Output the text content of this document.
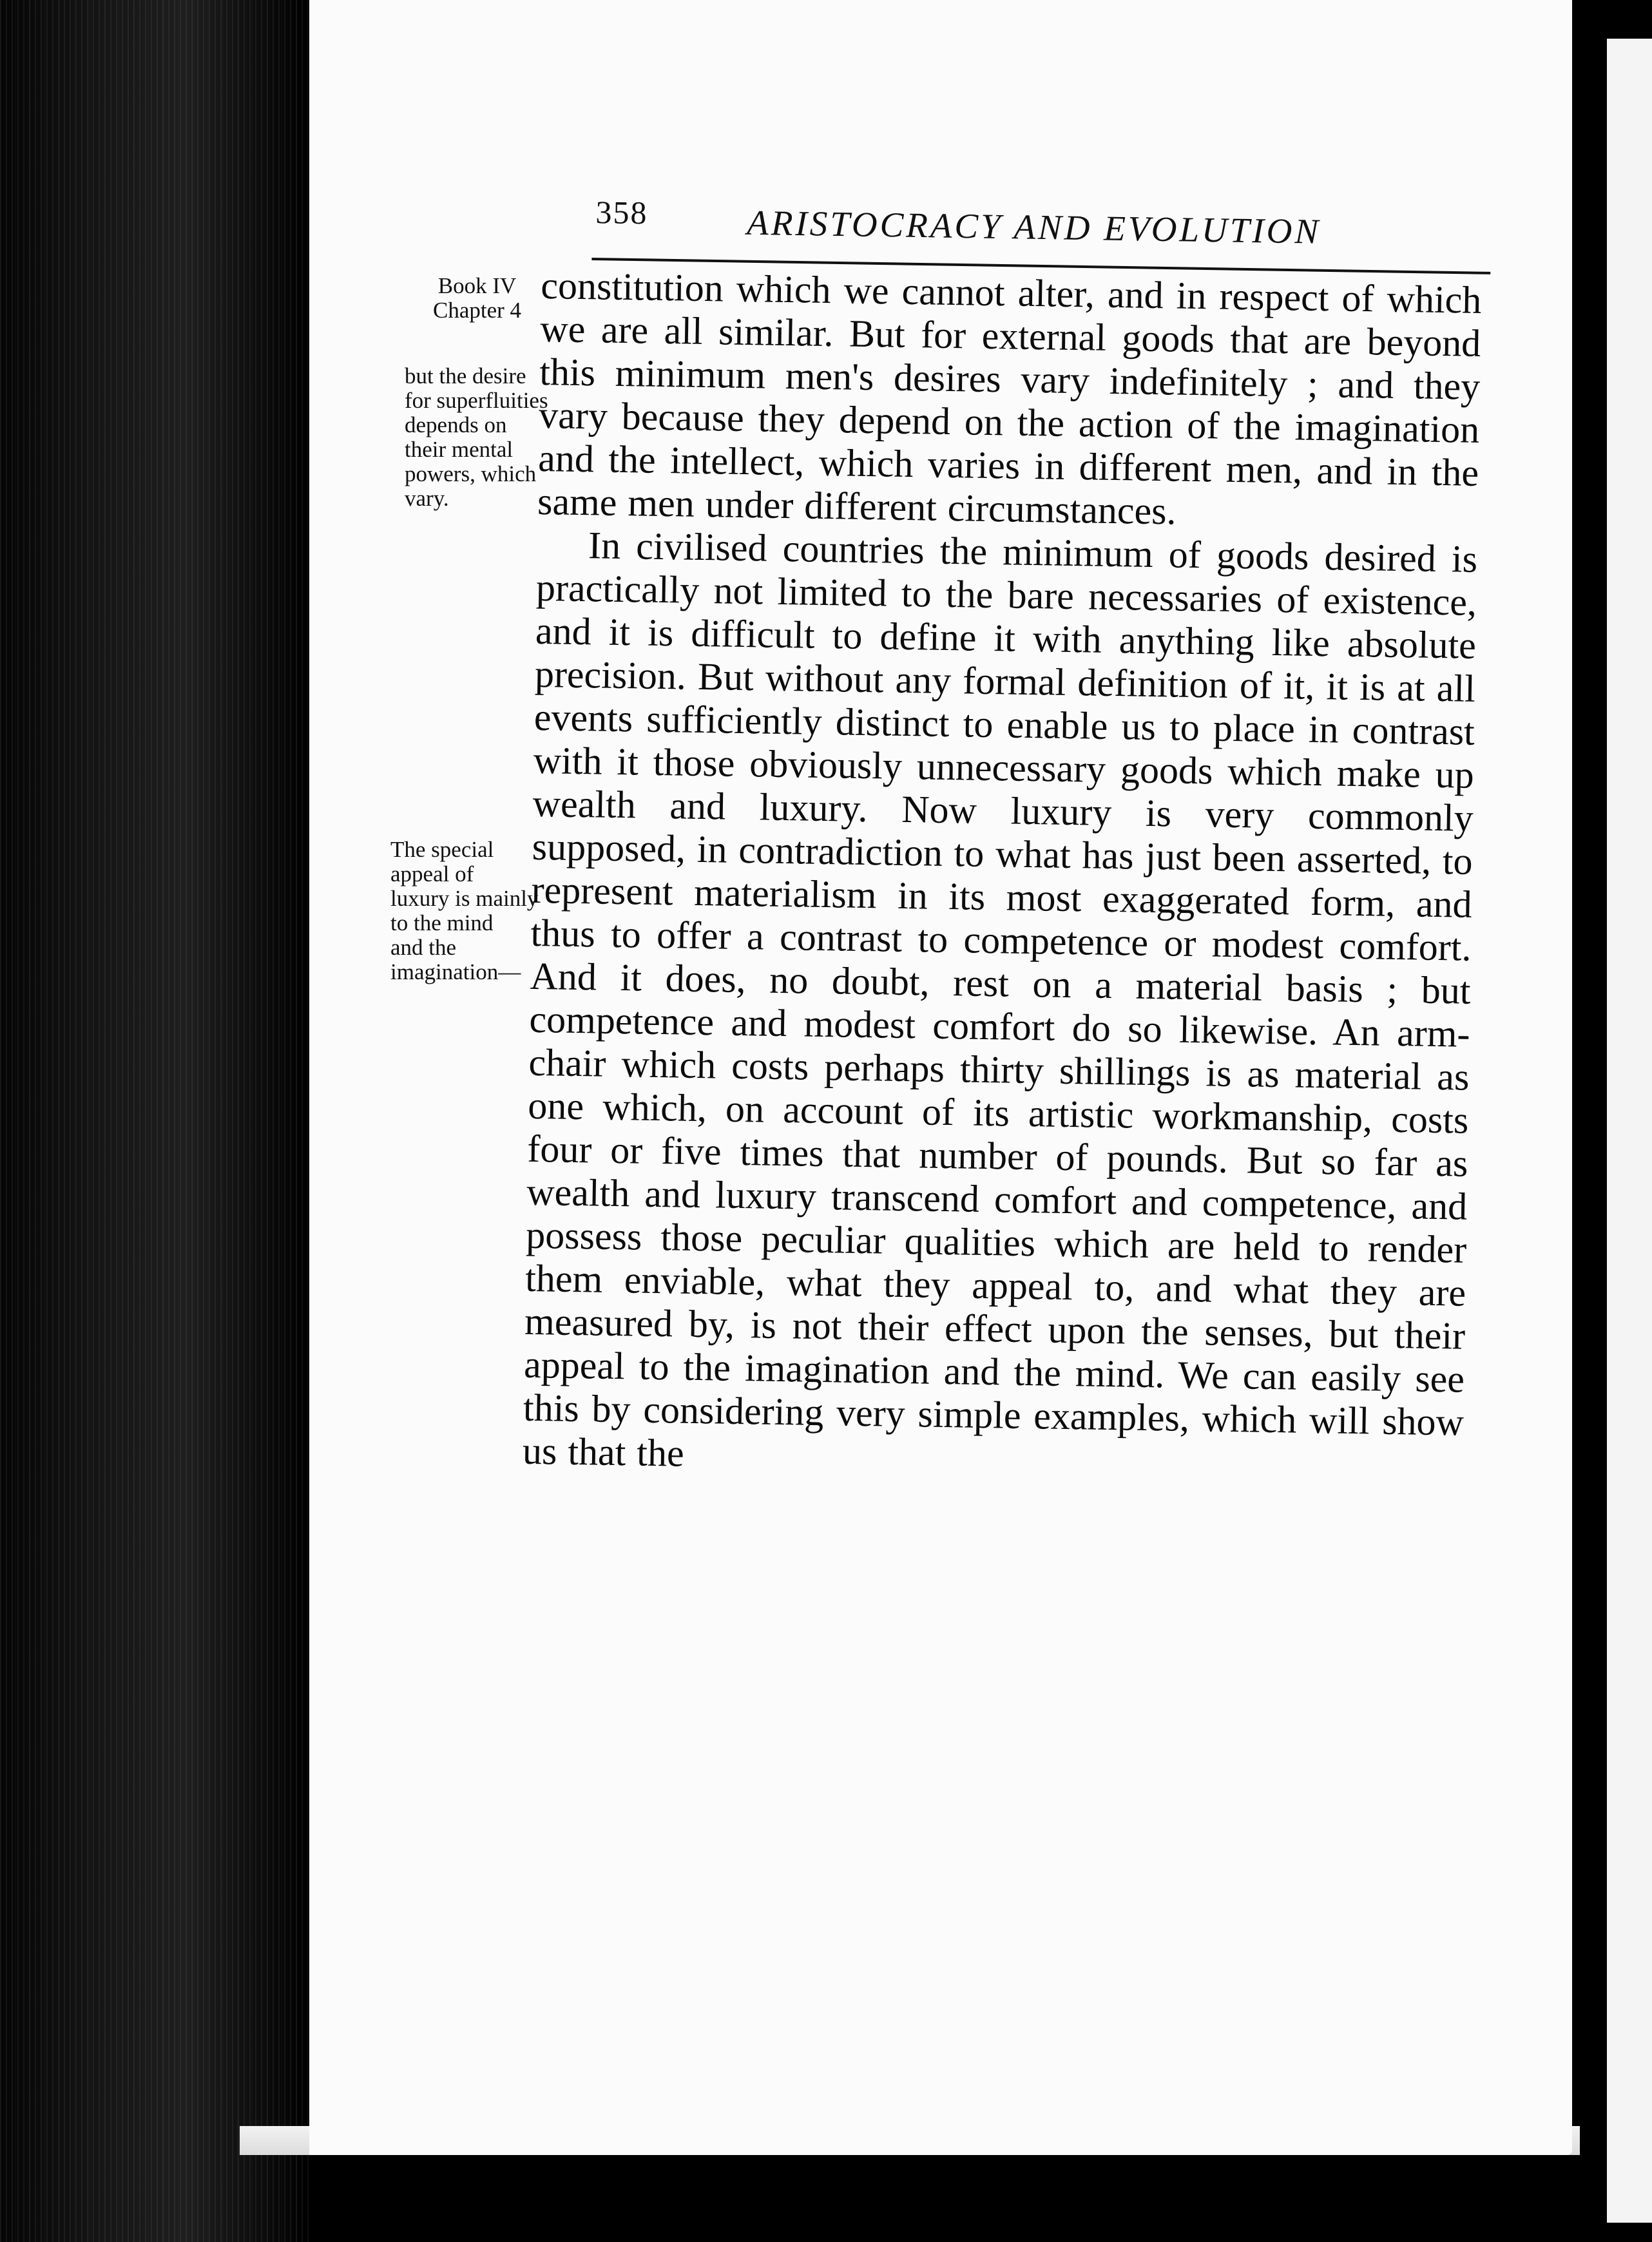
358	ARISTOCRACY AND EVOLUTION
Book IV
Chapter 4
but the desire
for superfluities
depends on
their mental
powers, which
vary.
The special
appeal of
luxury is mainly
to the mind
and the
imagination—

constitution which we cannot alter, and in respect of which we are all similar. But for external goods that are beyond this minimum men's desires vary indefinitely ; and they vary because they depend on the action of the imagination and the intellect, which varies in different men, and in the same men under different circumstances.

In civilised countries the minimum of goods desired is practically not limited to the bare necessaries of existence, and it is difficult to define it with anything like absolute precision. But without any formal definition of it, it is at all events sufficiently distinct to enable us to place in contrast with it those obviously unnecessary goods which make up wealth and luxury. Now luxury is very commonly supposed, in contradiction to what has just been asserted, to represent materialism in its most exaggerated form, and thus to offer a contrast to competence or modest comfort. And it does, no doubt, rest on a material basis ; but competence and modest comfort do so likewise. An arm-chair which costs perhaps thirty shillings is as material as one which, on account of its artistic workmanship, costs four or five times that number of pounds. But so far as wealth and luxury transcend comfort and competence, and possess those peculiar qualities which are held to render them enviable, what they appeal to, and what they are measured by, is not their effect upon the senses, but their appeal to the imagination and the mind. We can easily see this by considering very simple examples, which will show us that the
